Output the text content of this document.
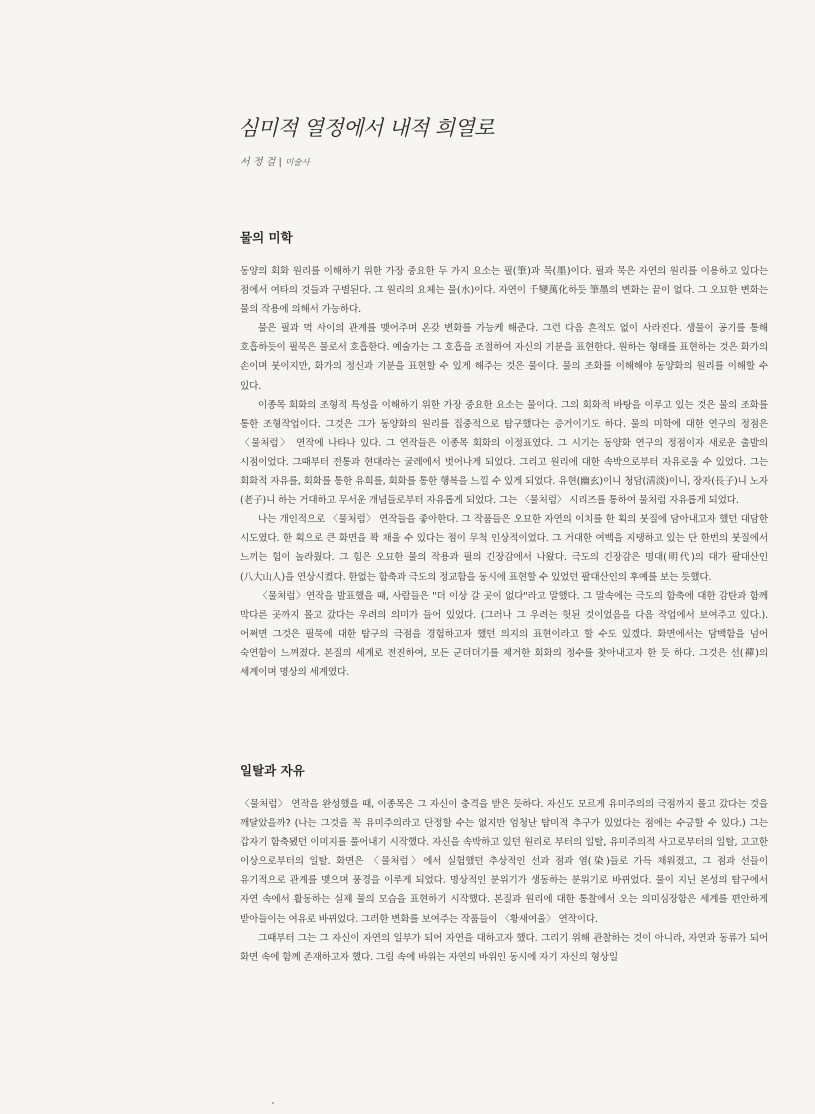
심미적 열정에서 내적 희열로
서 정 걸 | 미술사
물의 미학

동양의 회화 원리를 이해하기 위한 가장 중요한 두 가지 요소는 필(筆)과 묵(墨)이다. 필과 묵은 자연의 원리를 이용하고 있다는 점에서 여타의 것들과 구별된다. 그 원리의 요체는 물(水)이다. 자연이 千變萬化하듯 筆墨의 변화는 끝이 없다. 그 오묘한 변화는 물의 작용에 의해서 가능하다.

물은 필과 먹 사이의 관계를 맺어주며 온갖 변화를 가능케 해준다. 그런 다음 흔적도 없이 사라진다. 생물이 공기를 통해 호흡하듯이 필묵은 물로서 호흡한다. 예술가는 그 호흡을 조절하여 자신의 기분을 표현한다. 원하는 형태를 표현하는 것은 화가의 손이며 붓이지만, 화가의 정신과 기분을 표현할 수 있게 해주는 것은 물이다. 물의 조화를 이해해야 동양화의 원리를 이해할 수 있다.

이종목 회화의 조형적 특성을 이해하기 위한 가장 중요한 요소는 물이다. 그의 회화적 바탕을 이루고 있는 것은 물의 조화를 통한 조형작업이다. 그것은 그가 동양화의 원리를 집중적으로 탐구했다는 증거이기도 하다. 물의 미학에 대한 연구의 정점은 〈물처럼〉 연작에 나타나 있다. 그 연작들은 이종목 회화의 이정표였다. 그 시기는 동양화 연구의 정점이자 새로운 출발의 시점이었다. 그때부터 전통과 현대라는 굴레에서 벗어나게 되었다. 그리고 원리에 대한 속박으로부터 자유로울 수 있었다. 그는 회화적 자유를, 회화를 통한 유희를, 회화를 통한 행복을 느낄 수 있게 되었다. 유현(幽玄)이니 청담(淸淡)이니, 장자(長子)니 노자(老子)니 하는 거대하고 무서운 개념들로부터 자유롭게 되었다. 그는 〈물처럼〉 시리즈를 통하여 물처럼 자유롭게 되었다.

나는 개인적으로 〈물처럼〉 연작들을 좋아한다. 그 작품들은 오묘한 자연의 이치를 한 획의 붓질에 담아내고자 했던 대담한 시도였다. 한 획으로 큰 화면을 꽉 채울 수 있다는 점이 무척 인상적이었다. 그 거대한 여백을 지탱하고 있는 단 한번의 붓질에서 느끼는 힘이 놀라웠다. 그 힘은 오묘한 물의 작용과 필의 긴장감에서 나왔다. 극도의 긴장감은 명대(明代)의 대가 팔대산인(八大山人)을 연상시켰다. 한없는 함축과 극도의 정교함을 동시에 표현할 수 있었던 팔대산인의 후예를 보는 듯했다.

〈물처럼〉연작을 발표했을 때, 사람들은 "더 이상 갈 곳이 없다"라고 말했다. 그 말속에는 극도의 함축에 대한 감탄과 함께 막다른 곳까지 몰고 갔다는 우려의 의미가 들어 있었다. (그러나 그 우려는 헛된 것이었음을 다음 작업에서 보여주고 있다.). 어쩌면 그것은 필묵에 대한 탐구의 극점을 경험하고자 했던 의지의 표현이라고 할 수도 있겠다. 화면에서는 담백함을 넘어 숙연함이 느껴졌다. 본질의 세계로 전진하여, 모든 군더더기를 제거한 회화의 정수를 찾아내고자 한 듯 하다. 그것은 선(禪)의 세계이며 명상의 세계였다.

일탈과 자유

〈물처럼〉 연작을 완성했을 때, 이종목은 그 자신이 충격을 받은 듯하다. 자신도 모르게 유미주의의 극점까지 몰고 갔다는 것을 깨달았을까? (나는 그것을 꼭 유미주의라고 단정할 수는 없지만 엄청난 탐미적 추구가 있었다는 점에는 수긍할 수 있다.) 그는 갑자기 함축됐던 이미지를 풀어내기 시작했다. 자신을 속박하고 있던 원리로 부터의 일탈, 유미주의적 사고로부터의 일탈, 고고한 이상으로부터의 일탈. 화면은 〈물처럼〉에서 실험했던 추상적인 선과 점과 염(染)들로 가득 채워졌고, 그 점과 선들이 유기적으로 관계를 맺으며 풍경을 이루게 되었다. 명상적인 분위기가 생동하는 분위기로 바뀌었다. 물이 지닌 본성의 탐구에서 자연 속에서 활동하는 실제 물의 모습을 표현하기 시작했다. 본질과 원리에 대한 통찰에서 오는 의미심장함은 세계를 편안하게 받아들이는 여유로 바뀌었다. 그러한 변화를 보여주는 작품들이 〈황새여울〉 연작이다.

그때부터 그는 그 자신이 자연의 일부가 되어 자연을 대하고자 했다. 그리기 위해 관찰하는 것이 아니라, 자연과 동류가 되어 화면 속에 함께 존재하고자 했다. 그림 속에 바위는 자연의 바위인 동시에 자기 자신의 형상일
